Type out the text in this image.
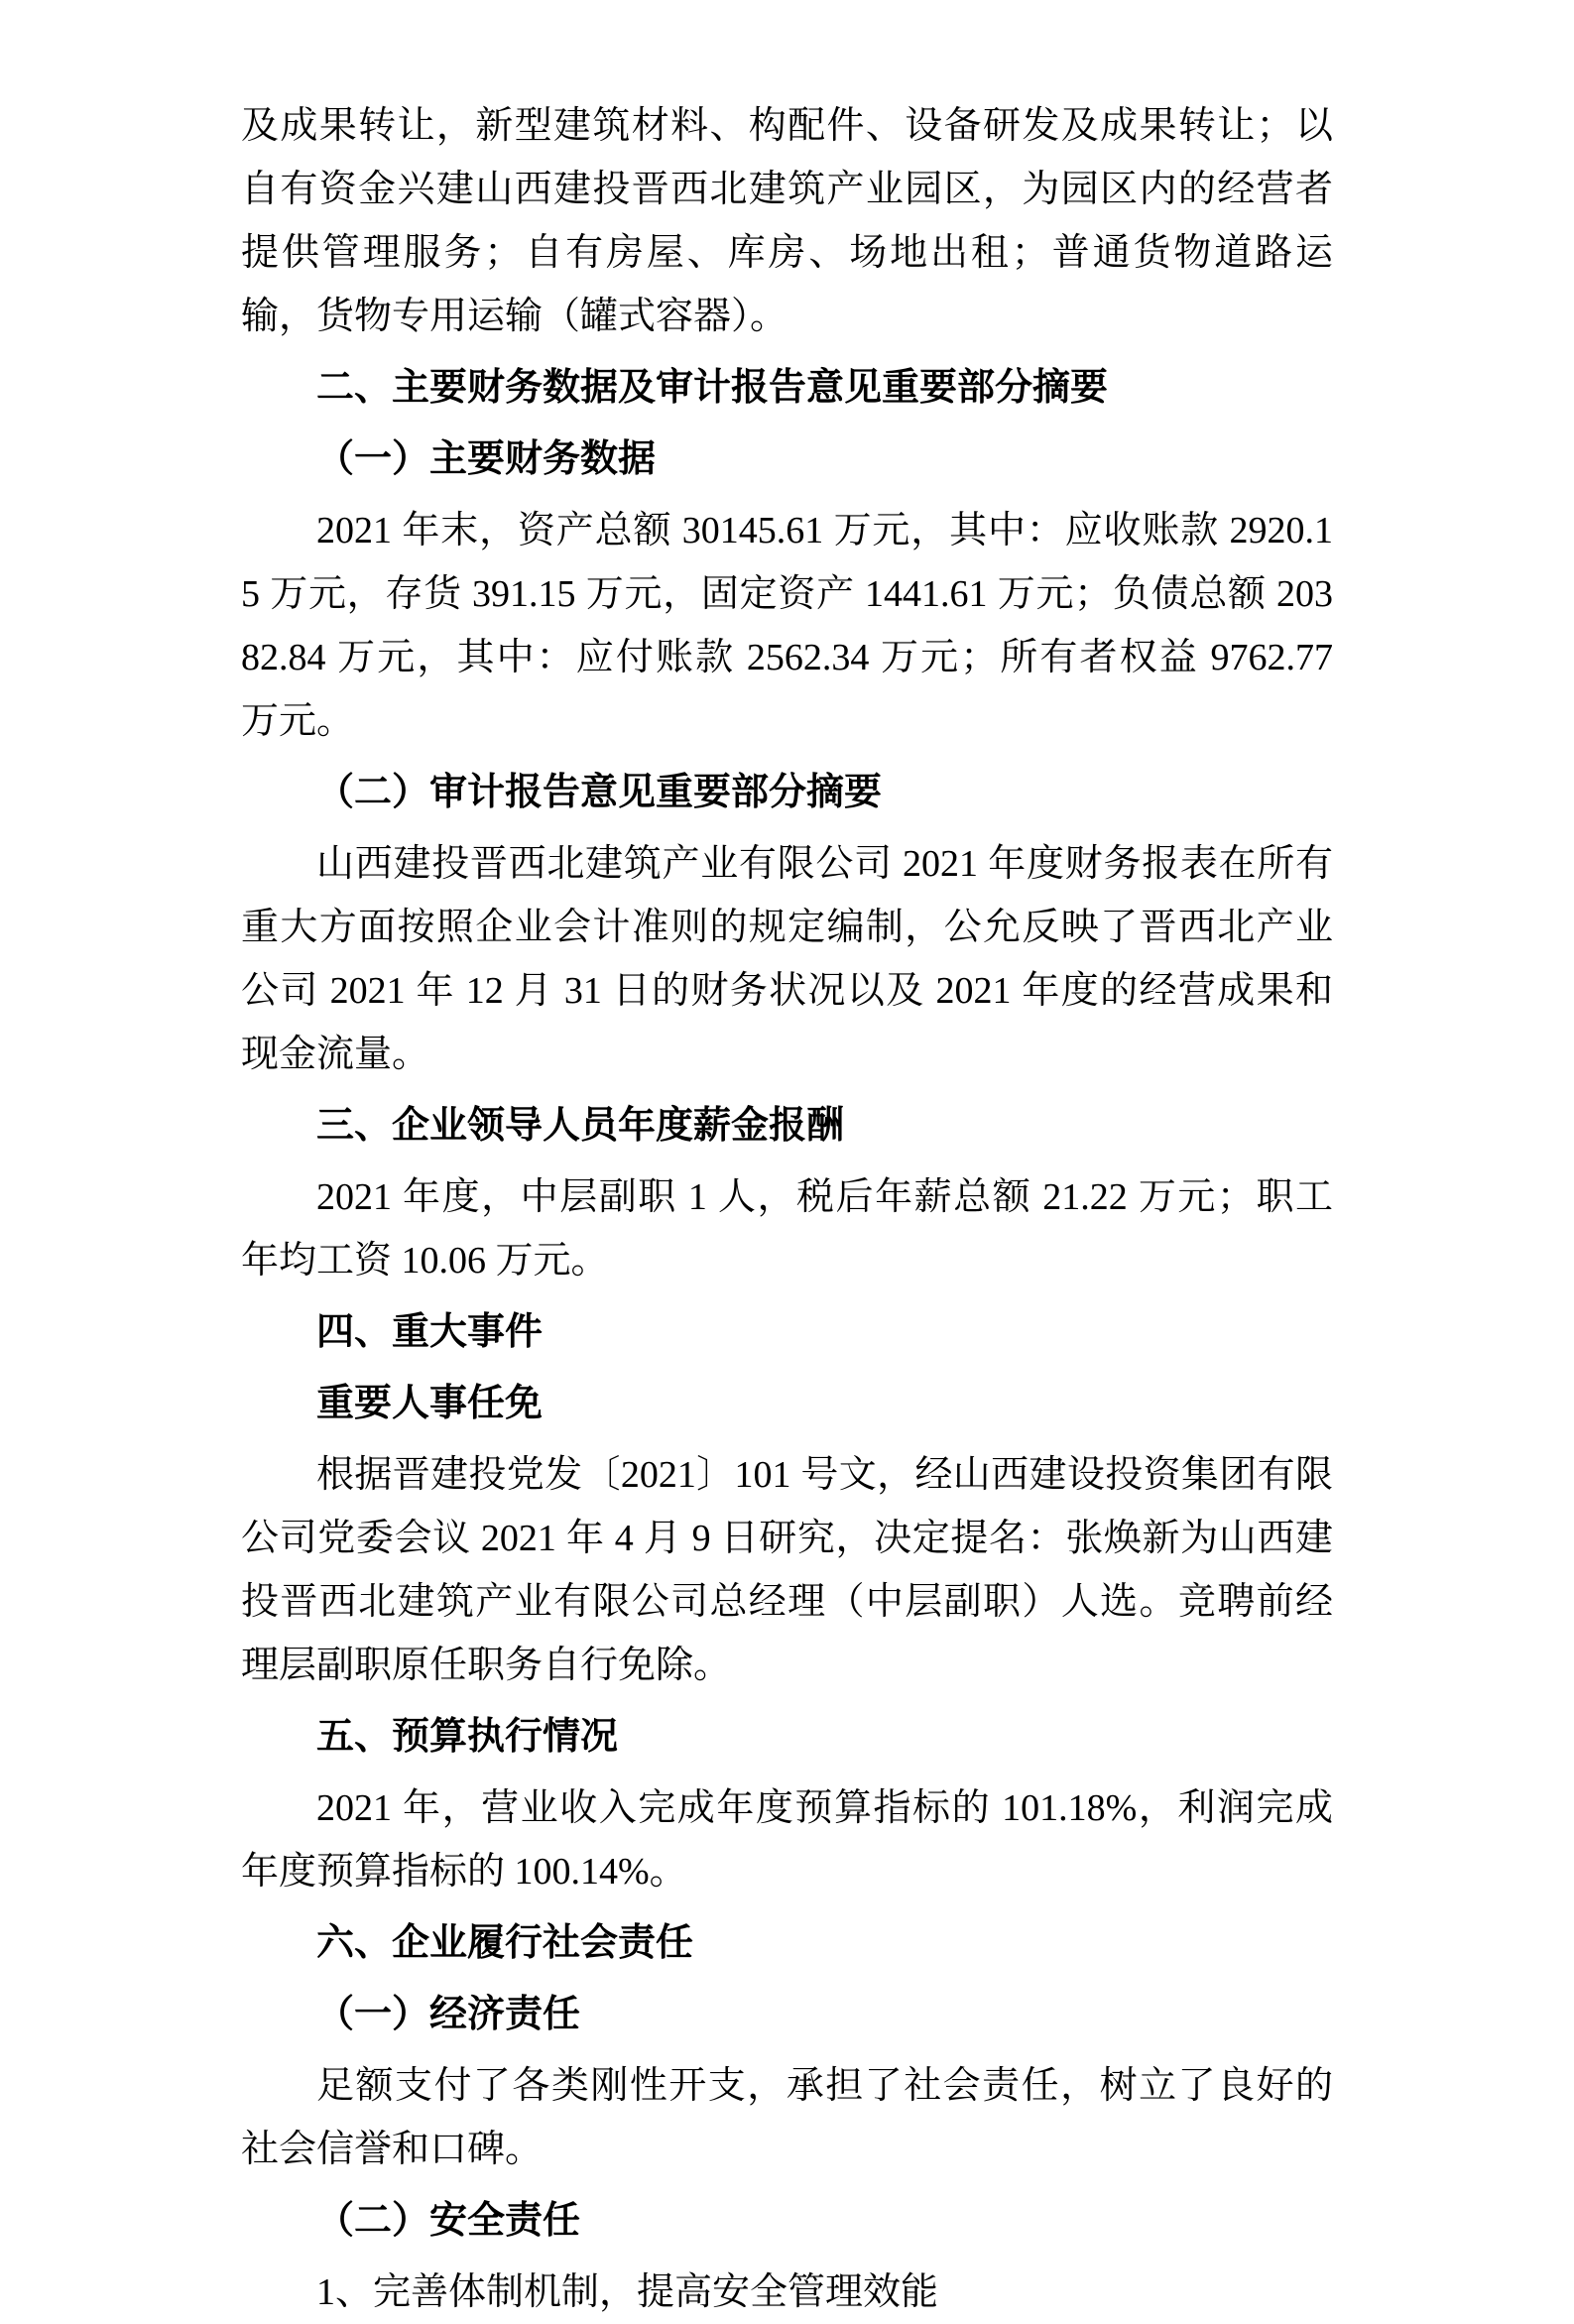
及成果转让，新型建筑材料、构配件、设备研发及成果转让；以自有资金兴建山西建投晋西北建筑产业园区，为园区内的经营者提供管理服务；自有房屋、库房、场地出租；普通货物道路运输，货物专用运输（罐式容器）。

二、主要财务数据及审计报告意见重要部分摘要

（一）主要财务数据

2021 年末，资产总额 30145.61 万元，其中：应收账款 2920.15 万元，存货 391.15 万元，固定资产 1441.61 万元；负债总额 20382.84 万元，其中：应付账款 2562.34 万元；所有者权益 9762.77 万元。

（二）审计报告意见重要部分摘要

山西建投晋西北建筑产业有限公司 2021 年度财务报表在所有重大方面按照企业会计准则的规定编制，公允反映了晋西北产业公司 2021 年 12 月 31 日的财务状况以及 2021 年度的经营成果和现金流量。

三、企业领导人员年度薪金报酬

2021 年度，中层副职 1 人，税后年薪总额 21.22 万元；职工年均工资 10.06 万元。

四、重大事件

重要人事任免

根据晋建投党发〔2021〕101 号文，经山西建设投资集团有限公司党委会议 2021 年 4 月 9 日研究，决定提名：张焕新为山西建投晋西北建筑产业有限公司总经理（中层副职）人选。竞聘前经理层副职原任职务自行免除。

五、预算执行情况

2021 年，营业收入完成年度预算指标的 101.18%，利润完成年度预算指标的 100.14%。

六、企业履行社会责任

（一）经济责任

足额支付了各类刚性开支，承担了社会责任，树立了良好的社会信誉和口碑。

（二）安全责任

1、完善体制机制，提高安全管理效能
